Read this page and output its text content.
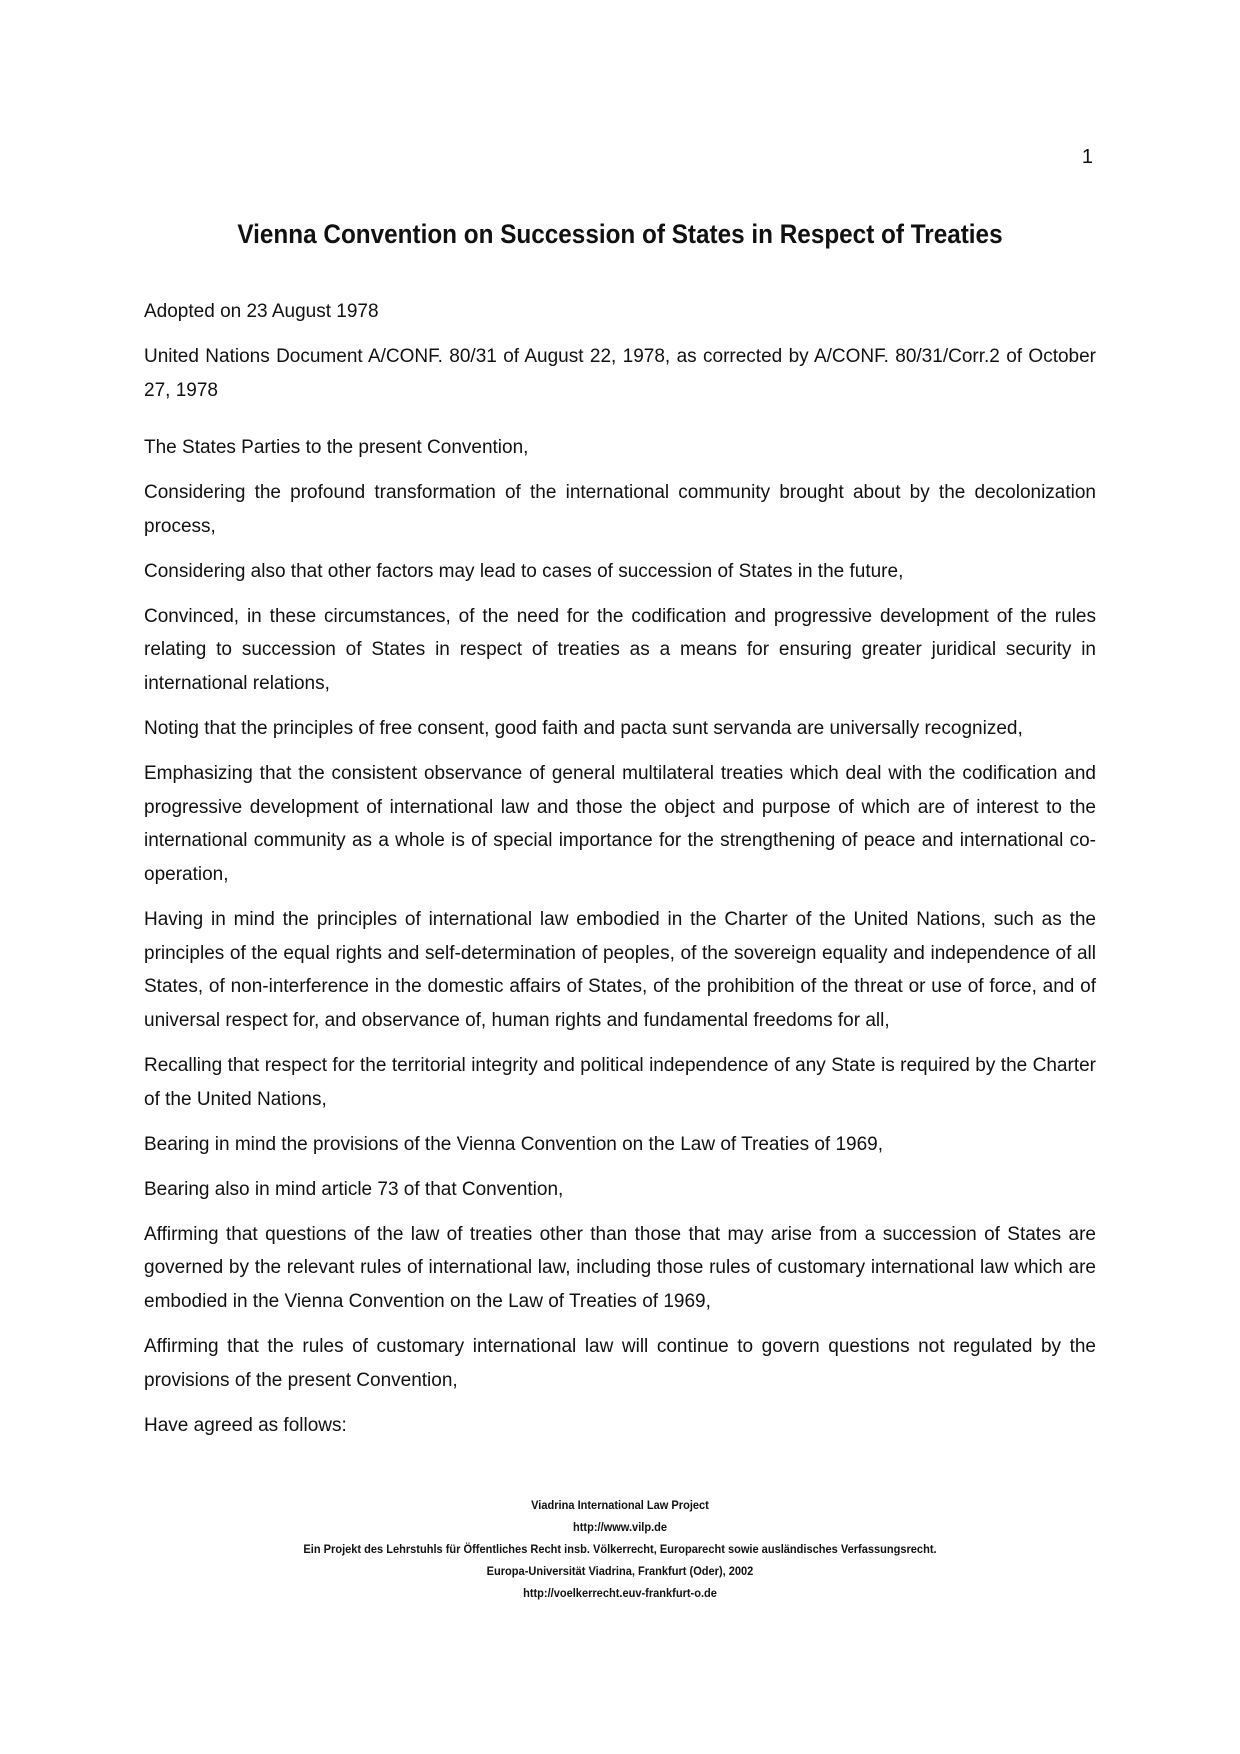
1
Vienna Convention on Succession of States in Respect of Treaties

Adopted on 23 August 1978

United Nations Document A/CONF. 80/31 of August 22, 1978, as corrected by A/CONF. 80/31/Corr.2 of October 27, 1978

The States Parties to the present Convention,

Considering the profound transformation of the international community brought about by the decolonization process,

Considering also that other factors may lead to cases of succession of States in the future,

Convinced, in these circumstances, of the need for the codification and progressive development of the rules relating to succession of States in respect of treaties as a means for ensuring greater juridical security in international relations,

Noting that the principles of free consent, good faith and pacta sunt servanda are universally recognized,

Emphasizing that the consistent observance of general multilateral treaties which deal with the codification and progressive development of international law and those the object and purpose of which are of interest to the international community as a whole is of special importance for the strengthening of peace and international co-operation,

Having in mind the principles of international law embodied in the Charter of the United Nations, such as the principles of the equal rights and self-determination of peoples, of the sovereign equality and independence of all States, of non-interference in the domestic affairs of States, of the prohibition of the threat or use of force, and of universal respect for, and observance of, human rights and fundamental freedoms for all,

Recalling that respect for the territorial integrity and political independence of any State is required by the Charter of the United Nations,

Bearing in mind the provisions of the Vienna Convention on the Law of Treaties of 1969,

Bearing also in mind article 73 of that Convention,

Affirming that questions of the law of treaties other than those that may arise from a succession of States are governed by the relevant rules of international law, including those rules of customary international law which are embodied in the Vienna Convention on the Law of Treaties of 1969,

Affirming that the rules of customary international law will continue to govern questions not regulated by the provisions of the present Convention,

Have agreed as follows:

Viadrina International Law Project
http://www.vilp.de
Ein Projekt des Lehrstuhls für Öffentliches Recht insb. Völkerrecht, Europarecht sowie ausländisches Verfassungsrecht.
Europa-Universität Viadrina, Frankfurt (Oder), 2002
http://voelkerrecht.euv-frankfurt-o.de
